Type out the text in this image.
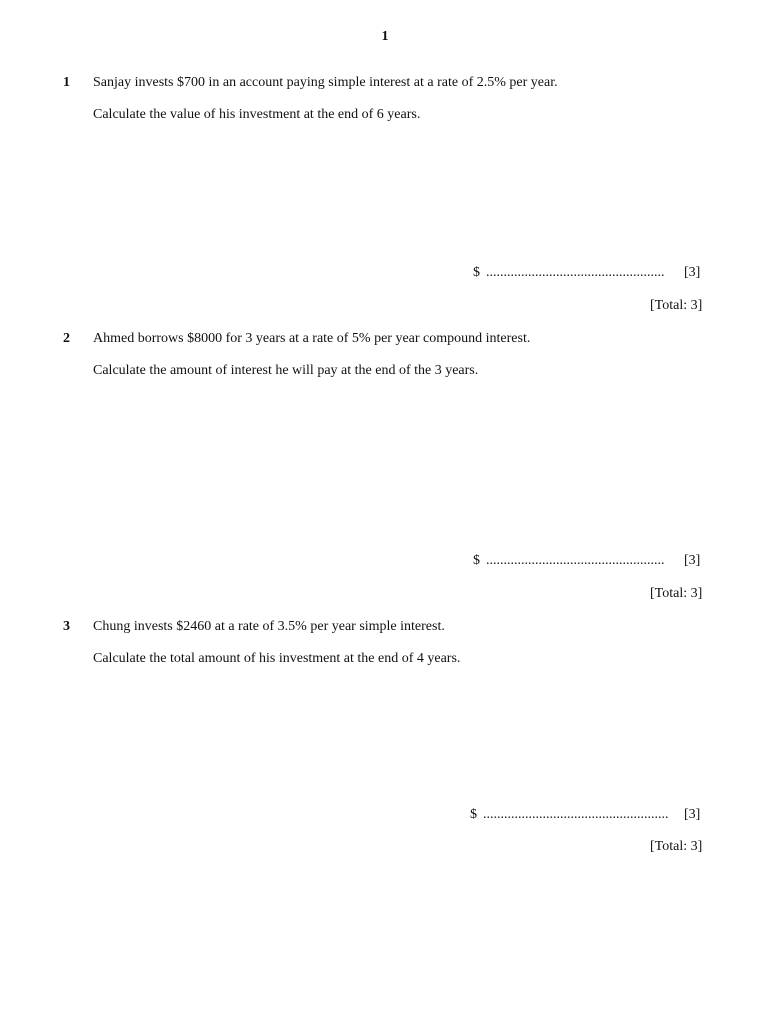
1
1 Sanjay invests $700 in an account paying simple interest at a rate of 2.5% per year.
Calculate the value of his investment at the end of 6 years.
$ ................................................... [3]
[Total: 3]
2 Ahmed borrows $8000 for 3 years at a rate of 5% per year compound interest.
Calculate the amount of interest he will pay at the end of the 3 years.
$ ................................................... [3]
[Total: 3]
3 Chung invests $2460 at a rate of 3.5% per year simple interest.
Calculate the total amount of his investment at the end of 4 years.
$ ..................................................... [3]
[Total: 3]
